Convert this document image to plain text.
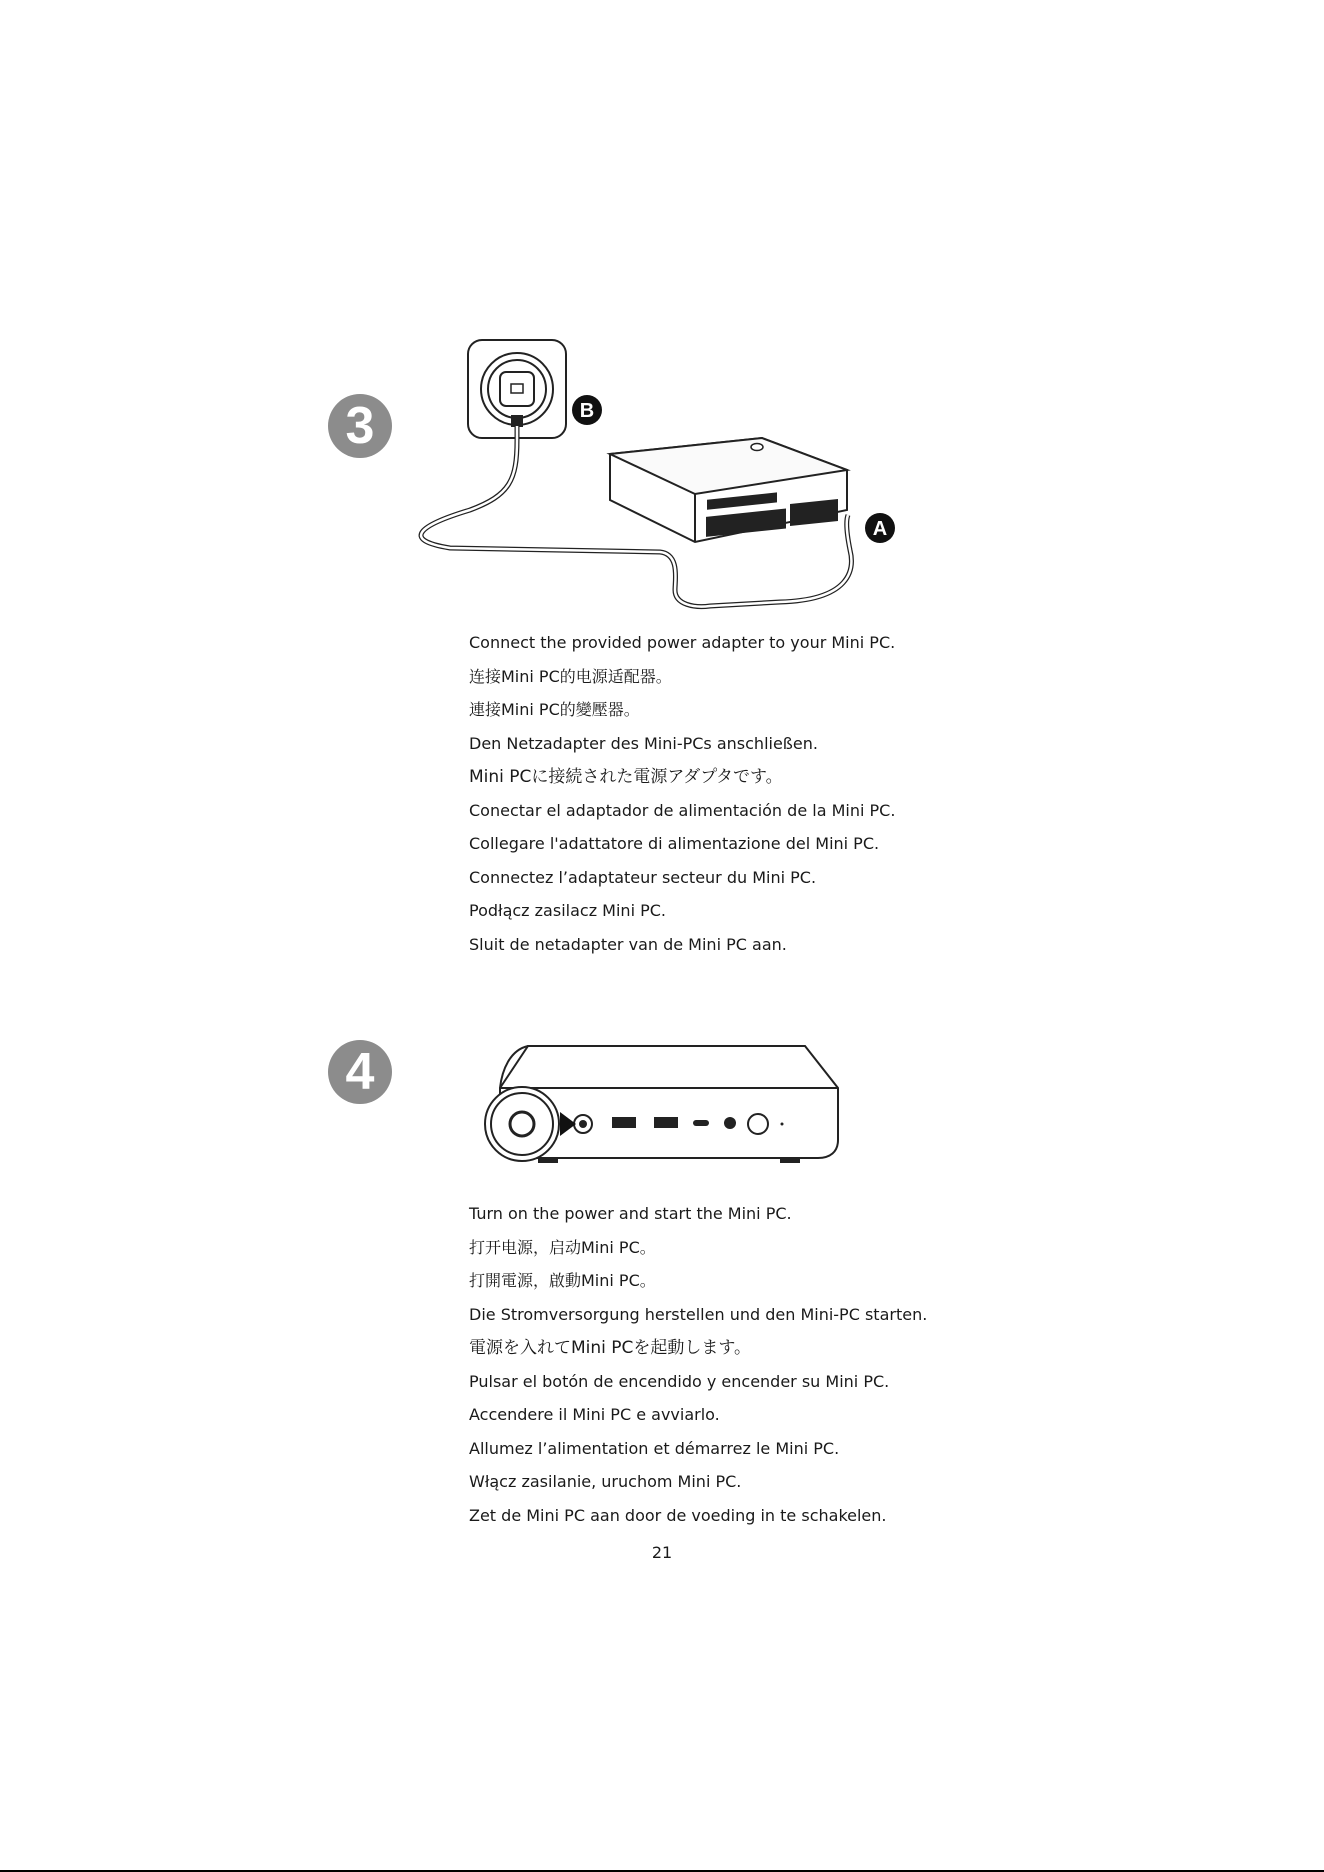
3	B
A
Connect the provided power adapter to your Mini PC.
连接Mini PC的电源适配器。
連接Mini PC的變壓器。
Den Netzadapter des Mini-PCs anschließen.
Mini PCに接続された電源アダプタです。
Conectar el adaptador de alimentación de la Mini PC.
Collegare l'adattatore di alimentazione del Mini PC.
Connectez l’adaptateur secteur du Mini PC.
Podłącz zasilacz Mini PC.
Sluit de netadapter van de Mini PC aan.
4
Turn on the power and start the Mini PC.
打开电源，启动Mini PC。
打開電源，啟動Mini PC。
Die Stromversorgung herstellen und den Mini-PC starten.
電源を入れてMini PCを起動します。
Pulsar el botón de encendido y encender su Mini PC.
Accendere il Mini PC e avviarlo.
Allumez l’alimentation et démarrez le Mini PC.
Włącz zasilanie, uruchom Mini PC.
Zet de Mini PC aan door de voeding in te schakelen.
21
